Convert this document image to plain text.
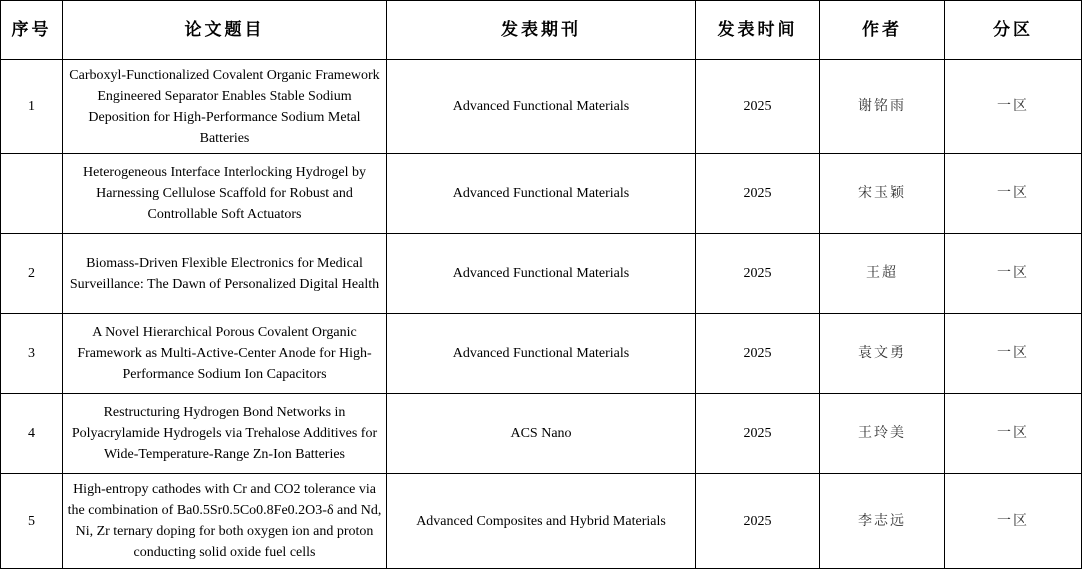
序号	论文题目	发表期刊	发表时间	作者	分区
1	Carboxyl-Functionalized Covalent Organic Framework Engineered Separator Enables Stable Sodium Deposition for High-Performance Sodium Metal Batteries	Advanced Functional Materials	2025	谢铭雨	一区
	Heterogeneous Interface Interlocking Hydrogel by Harnessing Cellulose Scaffold for Robust and Controllable Soft Actuators	Advanced Functional Materials	2025	宋玉颖	一区
2	Biomass-Driven Flexible Electronics for Medical Surveillance: The Dawn of Personalized Digital Health	Advanced Functional Materials	2025	王超	一区
3	A Novel Hierarchical Porous Covalent Organic Framework as Multi-Active-Center Anode for High-Performance Sodium Ion Capacitors	Advanced Functional Materials	2025	袁文勇	一区
4	Restructuring Hydrogen Bond Networks in Polyacrylamide Hydrogels via Trehalose Additives for Wide-Temperature-Range Zn-Ion Batteries	ACS Nano	2025	王玲美	一区
5	High-entropy cathodes with Cr and CO2 tolerance via the combination of Ba0.5Sr0.5Co0.8Fe0.2O3-δ and Nd, Ni, Zr ternary doping for both oxygen ion and proton conducting solid oxide fuel cells	Advanced Composites and Hybrid Materials	2025	李志远	一区
